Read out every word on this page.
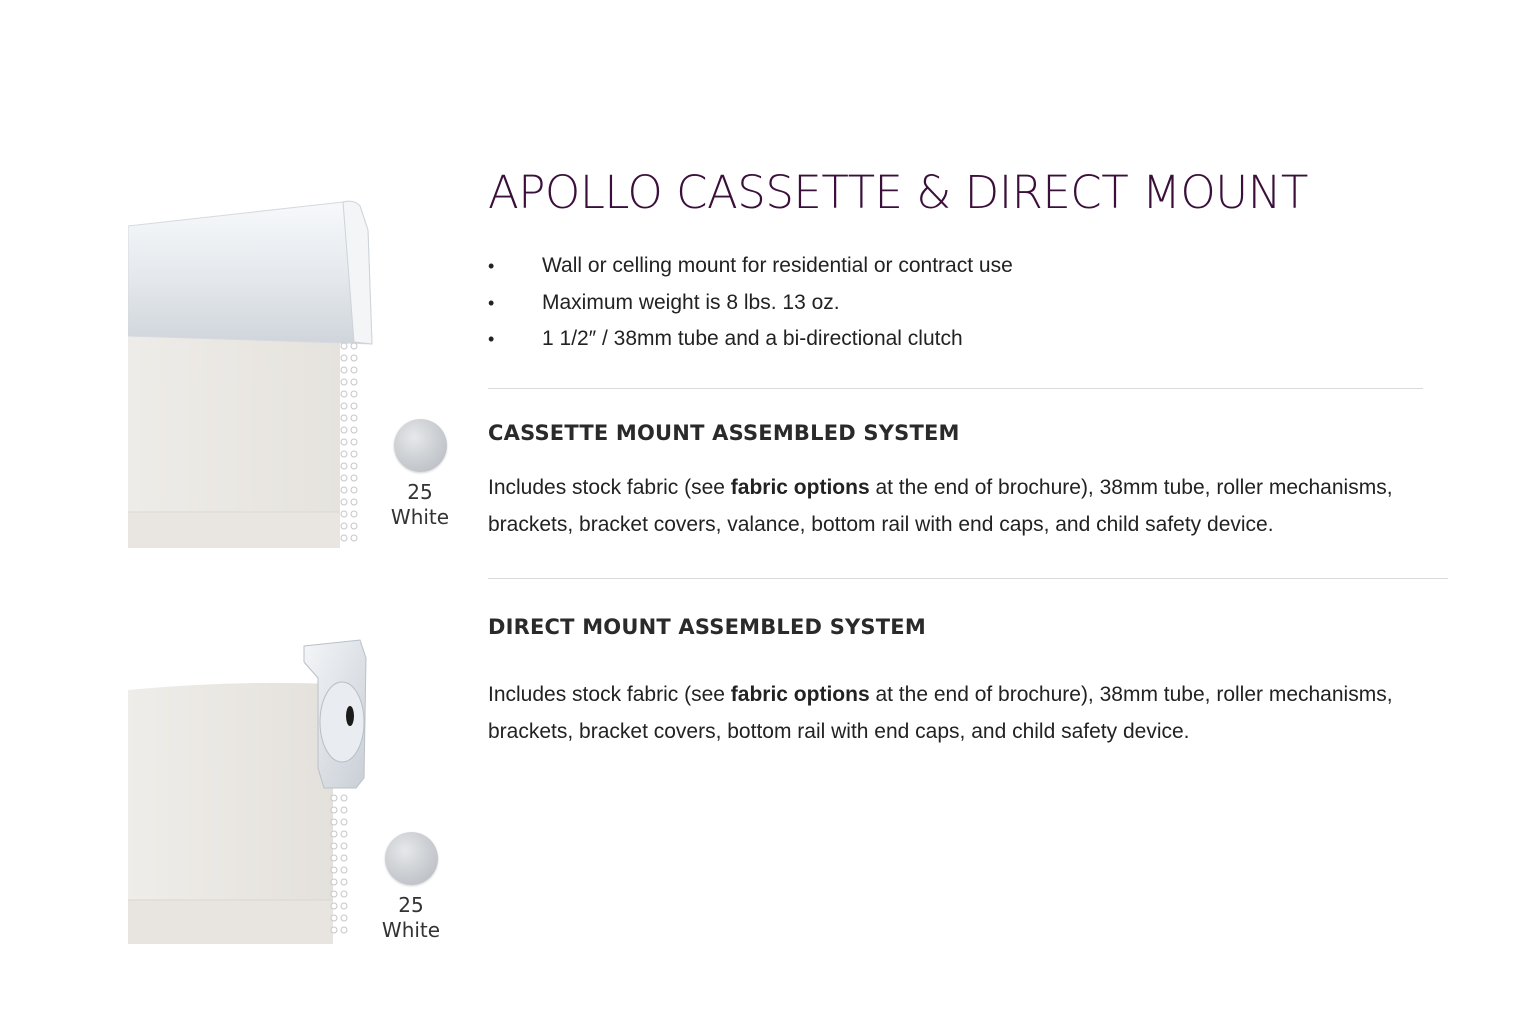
25
White
25
White
APOLLO CASSETTE & DIRECT MOUNT
• Wall or celling mount for residential or contract use
• Maximum weight is 8 lbs. 13 oz.
• 1 1/2″ / 38mm tube and a bi-directional clutch
CASSETTE MOUNT ASSEMBLED SYSTEM

Includes stock fabric (see fabric options at the end of brochure), 38mm tube, roller mechanisms, brackets, bracket covers, valance, bottom rail with end caps, and child safety device.

DIRECT MOUNT ASSEMBLED SYSTEM

Includes stock fabric (see fabric options at the end of brochure), 38mm tube, roller mechanisms, brackets, bracket covers, bottom rail with end caps, and child safety device.
